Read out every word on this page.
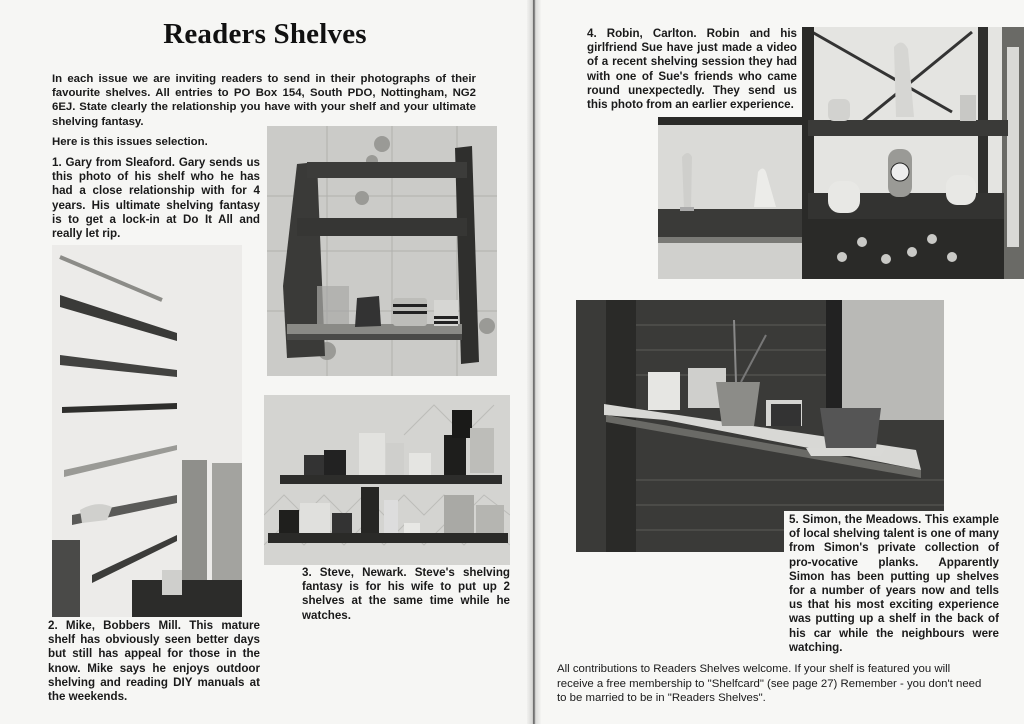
Readers Shelves

In each issue we are inviting readers to send in their photographs of their favourite shelves. All entries to PO Box 154, South PDO, Nottingham, NG2 6EJ. State clearly the relationship you have with your shelf and your ultimate shelving fantasy.

Here is this issues selection.

1. Gary from Sleaford. Gary sends us this photo of his shelf who he has had a close relationship with for 4 years. His ultimate shelving fantasy is to get a lock-in at Do It All and really let rip.

2. Mike, Bobbers Mill. This mature shelf has obviously seen better days but still has appeal for those in the know. Mike says he enjoys outdoor shelving and reading DIY manuals at the weekends.

3. Steve, Newark. Steve's shelving fantasy is for his wife to put up 2 shelves at the same time while he watches.

4. Robin, Carlton. Robin and his girlfriend Sue have just made a video of a recent shelving session they had with one of Sue's friends who came round unexpectedly. They send us this photo from an earlier experience.

5. Simon, the Meadows. This example of local shelving talent is one of many from Simon's private collection of pro-vocative planks. Apparently Simon has been putting up shelves for a number of years now and tells us that his most exciting experience was putting up a shelf in the back of his car while the neighbours were watching.

All contributions to Readers Shelves welcome. If your shelf is featured you will receive a free membership to "Shelfcard" (see page 27) Remember - you don't need to be married to be in "Readers Shelves".
